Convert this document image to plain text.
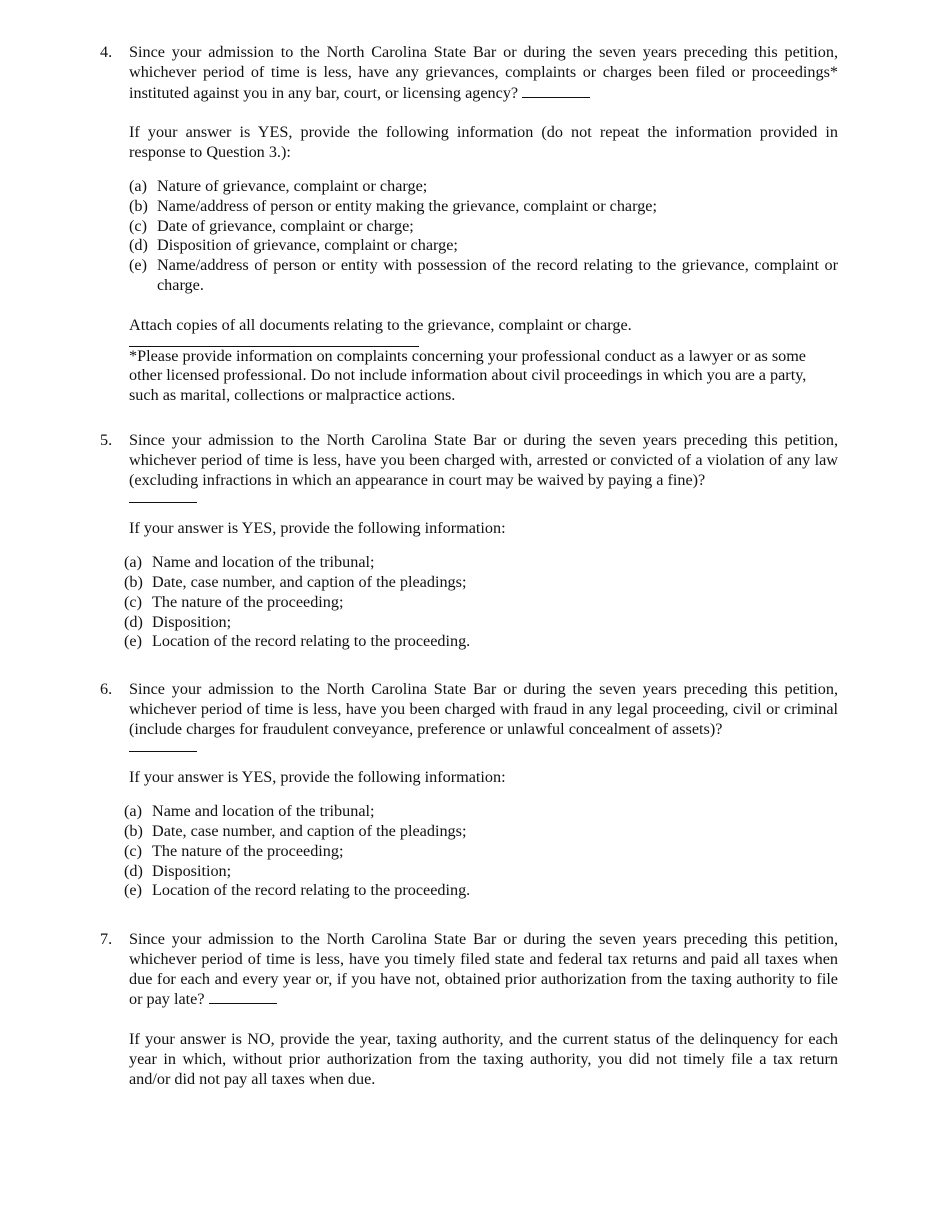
4. Since your admission to the North Carolina State Bar or during the seven years preceding this petition, whichever period of time is less, have any grievances, complaints or charges been filed or proceedings* instituted against you in any bar, court, or licensing agency?

If your answer is YES, provide the following information (do not repeat the information provided in response to Question 3.):

(a) Nature of grievance, complaint or charge;
(b) Name/address of person or entity making the grievance, complaint or charge;
(c) Date of grievance, complaint or charge;
(d) Disposition of grievance, complaint or charge;
(e) Name/address of person or entity with possession of the record relating to the grievance, complaint or charge.

Attach copies of all documents relating to the grievance, complaint or charge.

*Please provide information on complaints concerning your professional conduct as a lawyer or as some other licensed professional. Do not include information about civil proceedings in which you are a party, such as marital, collections or malpractice actions.

5. Since your admission to the North Carolina State Bar or during the seven years preceding this petition, whichever period of time is less, have you been charged with, arrested or convicted of a violation of any law (excluding infractions in which an appearance in court may be waived by paying a fine)?

If your answer is YES, provide the following information:

(a) Name and location of the tribunal;
(b) Date, case number, and caption of the pleadings;
(c) The nature of the proceeding;
(d) Disposition;
(e) Location of the record relating to the proceeding.
6. Since your admission to the North Carolina State Bar or during the seven years preceding this petition, whichever period of time is less, have you been charged with fraud in any legal proceeding, civil or criminal (include charges for fraudulent conveyance, preference or unlawful concealment of assets)?

If your answer is YES, provide the following information:

(a) Name and location of the tribunal;
(b) Date, case number, and caption of the pleadings;
(c) The nature of the proceeding;
(d) Disposition;
(e) Location of the record relating to the proceeding.
7. Since your admission to the North Carolina State Bar or during the seven years preceding this petition, whichever period of time is less, have you timely filed state and federal tax returns and paid all taxes when due for each and every year or, if you have not, obtained prior authorization from the taxing authority to file or pay late?

If your answer is NO, provide the year, taxing authority, and the current status of the delinquency for each year in which, without prior authorization from the taxing authority, you did not timely file a tax return and/or did not pay all taxes when due.
